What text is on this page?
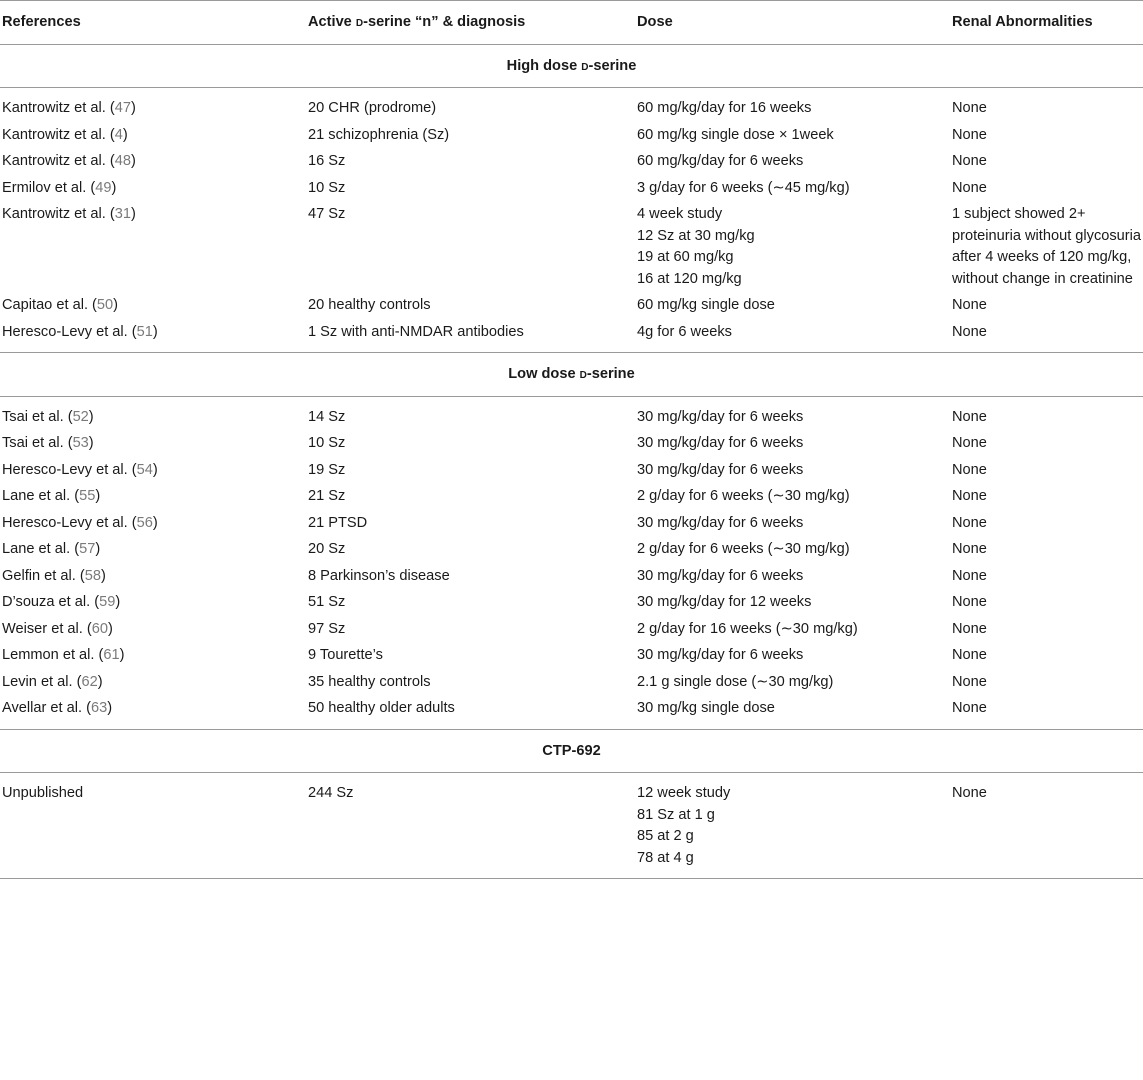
References	Active d-serine “n” & diagnosis	Dose	Renal Abnormalities
High dose d-serine			
Kantrowitz et al. (47)	20 CHR (prodrome)	60 mg/kg/day for 16 weeks	None
Kantrowitz et al. (4)	21 schizophrenia (Sz)	60 mg/kg single dose × 1week	None
Kantrowitz et al. (48)	16 Sz	60 mg/kg/day for 6 weeks	None
Ermilov et al. (49)	10 Sz	3 g/day for 6 weeks (∼45 mg/kg)	None
Kantrowitz et al. (31)	47 Sz	4 week study
12 Sz at 30 mg/kg
19 at 60 mg/kg
16 at 120 mg/kg	1 subject showed 2+ proteinuria without glycosuria after 4 weeks of 120 mg/kg, without change in creatinine
Capitao et al. (50)	20 healthy controls	60 mg/kg single dose	None
Heresco-Levy et al. (51)	1 Sz with anti-NMDAR antibodies	4g for 6 weeks	None
Low dose d-serine			
Tsai et al. (52)	14 Sz	30 mg/kg/day for 6 weeks	None
Tsai et al. (53)	10 Sz	30 mg/kg/day for 6 weeks	None
Heresco-Levy et al. (54)	19 Sz	30 mg/kg/day for 6 weeks	None
Lane et al. (55)	21 Sz	2 g/day for 6 weeks (∼30 mg/kg)	None
Heresco-Levy et al. (56)	21 PTSD	30 mg/kg/day for 6 weeks	None
Lane et al. (57)	20 Sz	2 g/day for 6 weeks (∼30 mg/kg)	None
Gelfin et al. (58)	8 Parkinson’s disease	30 mg/kg/day for 6 weeks	None
D’souza et al. (59)	51 Sz	30 mg/kg/day for 12 weeks	None
Weiser et al. (60)	97 Sz	2 g/day for 16 weeks (∼30 mg/kg)	None
Lemmon et al. (61)	9 Tourette’s	30 mg/kg/day for 6 weeks	None
Levin et al. (62)	35 healthy controls	2.1 g single dose (∼30 mg/kg)	None
Avellar et al. (63)	50 healthy older adults	30 mg/kg single dose	None
CTP-692			
Unpublished	244 Sz	12 week study
81 Sz at 1 g
85 at 2 g
78 at 4 g	None
